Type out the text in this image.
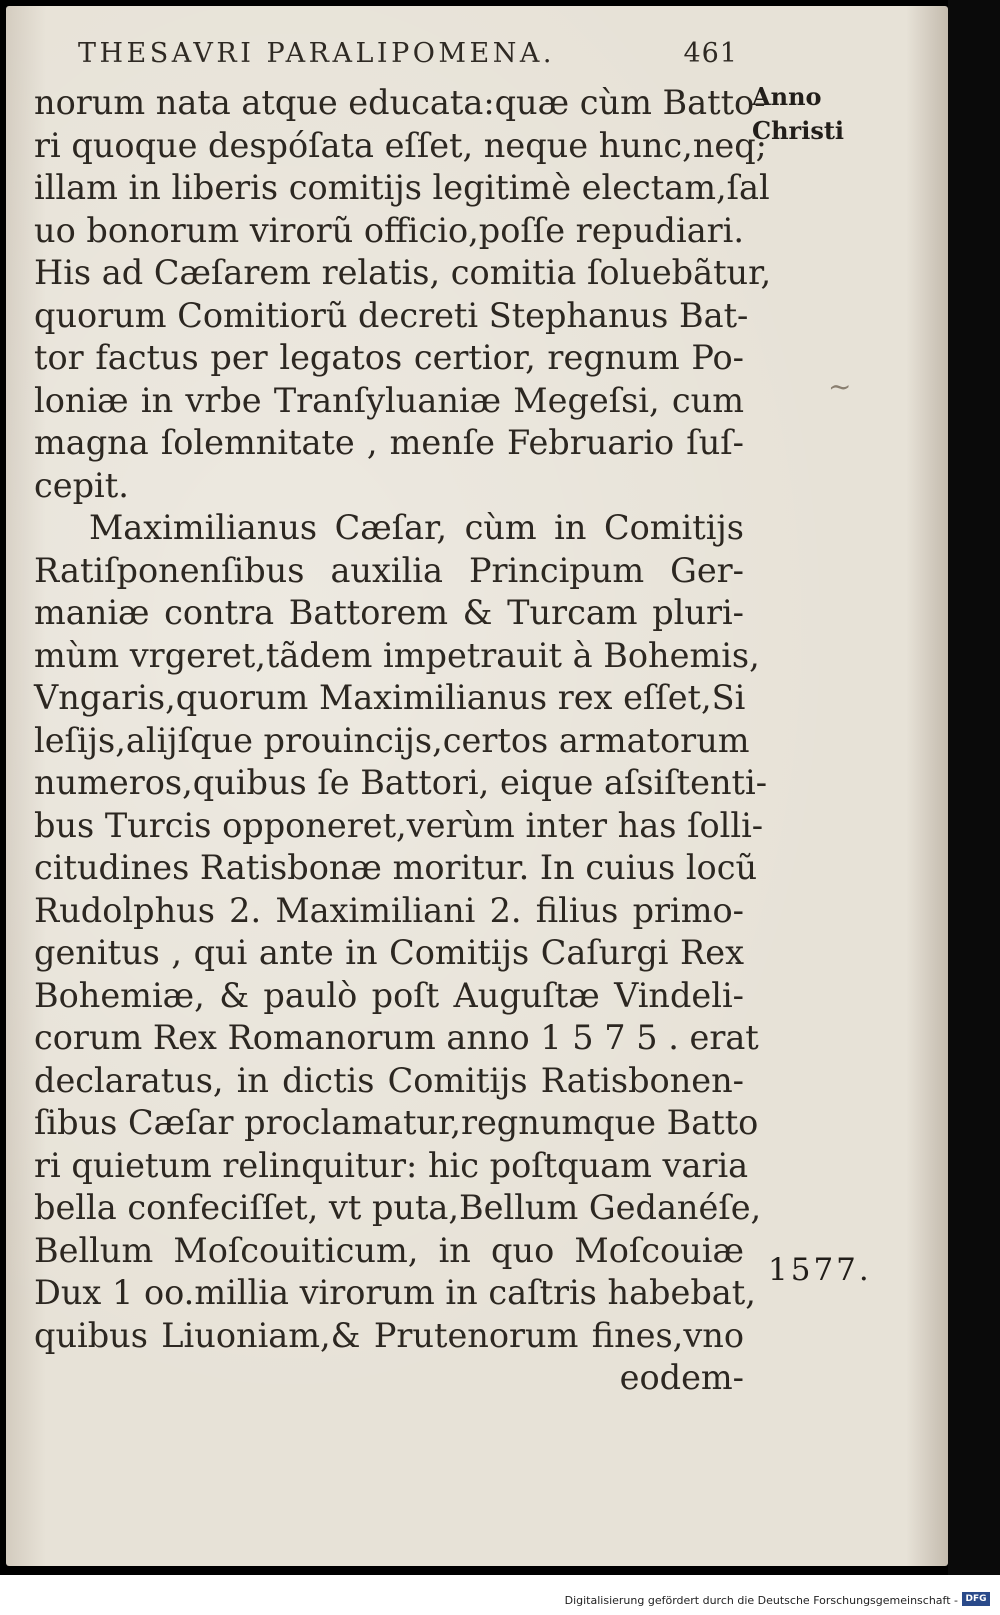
THESAVRI PARALIPOMENA.	461
Anno
Christi
1577.
~
norum nata atque educata:quæ cùm Batto-
ri quoque despóſata eſſet, neque hunc,neq;
illam in liberis comitijs legitimè electam,ſal
uo bonorum virorũ officio,poſſe repudiari.
His ad Cæſarem relatis, comitia ſoluebãtur,
quorum Comitiorũ decreti Stephanus Bat-
tor factus per legatos certior, regnum Po-
loniæ in vrbe Tranſyluaniæ Megeſsi, cum
magna ſolemnitate , menſe Februario ſuſ-
cepit.
Maximilianus Cæſar, cùm in Comitijs
Ratiſponenſibus auxilia Principum Ger-
maniæ contra Battorem & Turcam pluri-
mùm vrgeret,tãdem impetrauit à Bohemis,
Vngaris,quorum Maximilianus rex eſſet,Si
leſijs,alijſque prouincijs,certos armatorum
numeros,quibus ſe Battori, eique aſsiſtenti-
bus Turcis opponeret,verùm inter has ſolli-
citudines Ratisbonæ moritur. In cuius locũ
Rudolphus 2. Maximiliani 2. filius primo-
genitus , qui ante in Comitijs Caſurgi Rex
Bohemiæ, & paulò poſt Auguſtæ Vindeli-
corum Rex Romanorum anno 1 5 7 5 . erat
declaratus, in dictis Comitijs Ratisbonen-
ſibus Cæſar proclamatur,regnumque Batto
ri quietum relinquitur: hic poſtquam varia
bella confeciſſet, vt puta,Bellum Gedanéſe,
Bellum Moſcouiticum, in quo Moſcouiæ
Dux 1 oo.millia virorum in caſtris habebat,
quibus Liuoniam,& Prutenorum fines,vno
eodem-
Digitalisierung gefördert durch die Deutsche Forschungsgemeinschaft - DFG
